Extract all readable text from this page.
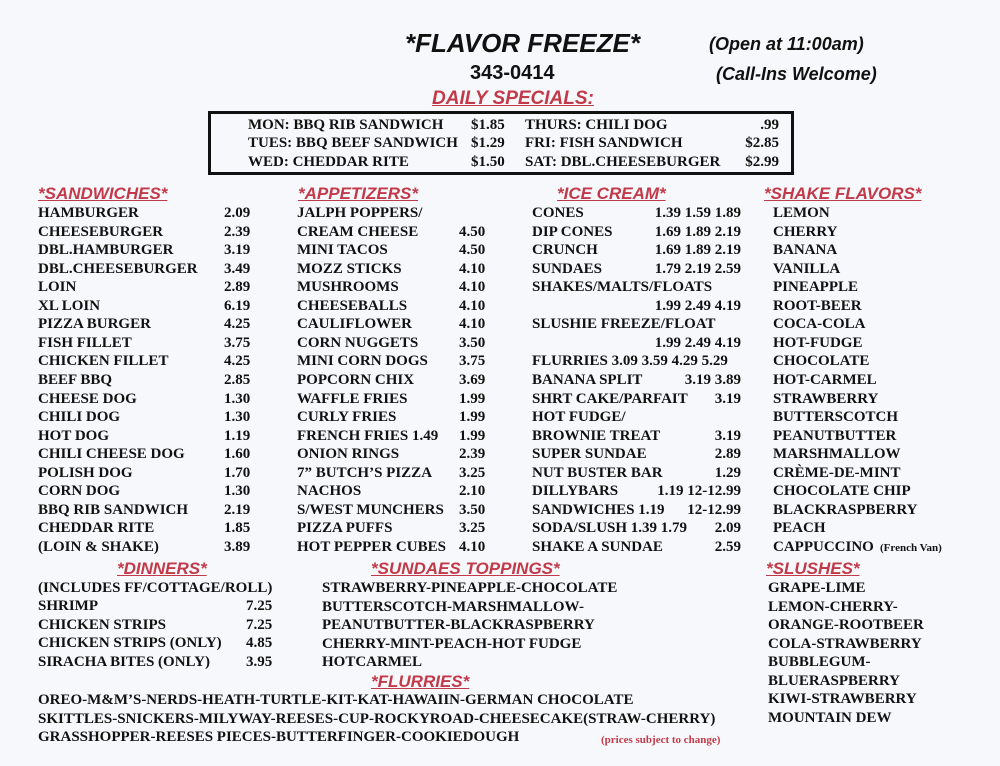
*FLAVOR FREEZE*	(Open at 11:00am)
343-0414	(Call-Ins Welcome)
DAILY SPECIALS:
MON: BBQ RIB SANDWICH $1.85 THURS: CHILI DOG	.99
TUES: BBQ BEEF SANDWICH $1.29 FRI: FISH SANDWICH	$2.85
WED: CHEDDAR RITE	$1.50 SAT: DBL.CHEESEBURGER $2.99
*SANDWICHES*	*APPETIZERS*	*ICE CREAM*	*SHAKE FLAVORS*
HAMBURGER	2.09
CHEESEBURGER	2.39
DBL.HAMBURGER	3.19
DBL.CHEESEBURGER 3.49
LOIN	2.89
XL LOIN	6.19
PIZZA BURGER	4.25
FISH FILLET	3.75
CHICKEN FILLET	4.25
BEEF BBQ	2.85
CHEESE DOG	1.30
CHILI DOG	1.30
HOT DOG	1.19
CHILI CHEESE DOG	1.60
POLISH DOG	1.70
CORN DOG	1.30
BBQ RIB SANDWICH 2.19
CHEDDAR RITE	1.85
(LOIN & SHAKE)	3.89
JALPH POPPERS/
CREAM CHEESE	4.50
MINI TACOS	4.50
MOZZ STICKS	4.10
MUSHROOMS	4.10
CHEESEBALLS	4.10
CAULIFLOWER	4.10
CORN NUGGETS	3.50
MINI CORN DOGS 3.75
POPCORN CHIX	3.69
WAFFLE FRIES	1.99
CURLY FRIES	1.99
FRENCH FRIES 1.49 1.99
ONION RINGS	2.39
7” BUTCH’S PIZZA 3.25
NACHOS	2.10
S/WEST MUNCHERS 3.50
PIZZA PUFFS	3.25
HOT PEPPER CUBES 4.10
CONES	1.39 1.59 1.89
DIP CONES	1.69 1.89 2.19
CRUNCH	1.69 1.89 2.19
SUNDAES	1.79 2.19 2.59
SHAKES/MALTS/FLOATS
1.99 2.49 4.19
SLUSHIE FREEZE/FLOAT
1.99 2.49 4.19
FLURRIES 3.09 3.59 4.29 5.29
BANANA SPLIT	3.19 3.89
SHRT CAKE/PARFAIT 3.19
HOT FUDGE/
BROWNIE TREAT	3.19
SUPER SUNDAE	2.89
NUT BUSTER BAR	1.29
DILLYBARS	1.19 12-12.99
SANDWICHES 1.19 12-12.99
SODA/SLUSH 1.39 1.79 2.09
SHAKE A SUNDAE	2.59
LEMON
CHERRY
BANANA
VANILLA
PINEAPPLE
ROOT-BEER
COCA-COLA
HOT-FUDGE
CHOCOLATE
HOT-CARMEL
STRAWBERRY
BUTTERSCOTCH
PEANUTBUTTER
MARSHMALLOW
CRÈME-DE-MINT
CHOCOLATE CHIP
BLACKRASPBERRY
PEACH
CAPPUCCINO (French Van)
*DINNERS*
(INCLUDES FF/COTTAGE/ROLL)
SHRIMP	7.25
CHICKEN STRIPS	7.25
CHICKEN STRIPS (ONLY) 4.85
SIRACHA BITES (ONLY) 3.95
*SUNDAES TOPPINGS*
STRAWBERRY-PINEAPPLE-CHOCOLATE
BUTTERSCOTCH-MARSHMALLOW-
PEANUTBUTTER-BLACKRASPBERRY
CHERRY-MINT-PEACH-HOT FUDGE
HOTCARMEL
*SLUSHES*
GRAPE-LIME
LEMON-CHERRY-
ORANGE-ROOTBEER
COLA-STRAWBERRY
BUBBLEGUM-
BLUERASPBERRY
KIWI-STRAWBERRY
MOUNTAIN DEW
*FLURRIES*
OREO-M&M’S-NERDS-HEATH-TURTLE-KIT-KAT-HAWAIIN-GERMAN CHOCOLATE
SKITTLES-SNICKERS-MILYWAY-REESES-CUP-ROCKYROAD-CHEESECAKE(STRAW-CHERRY)
GRASSHOPPER-REESES PIECES-BUTTERFINGER-COOKIEDOUGH	(prices subject to change)
